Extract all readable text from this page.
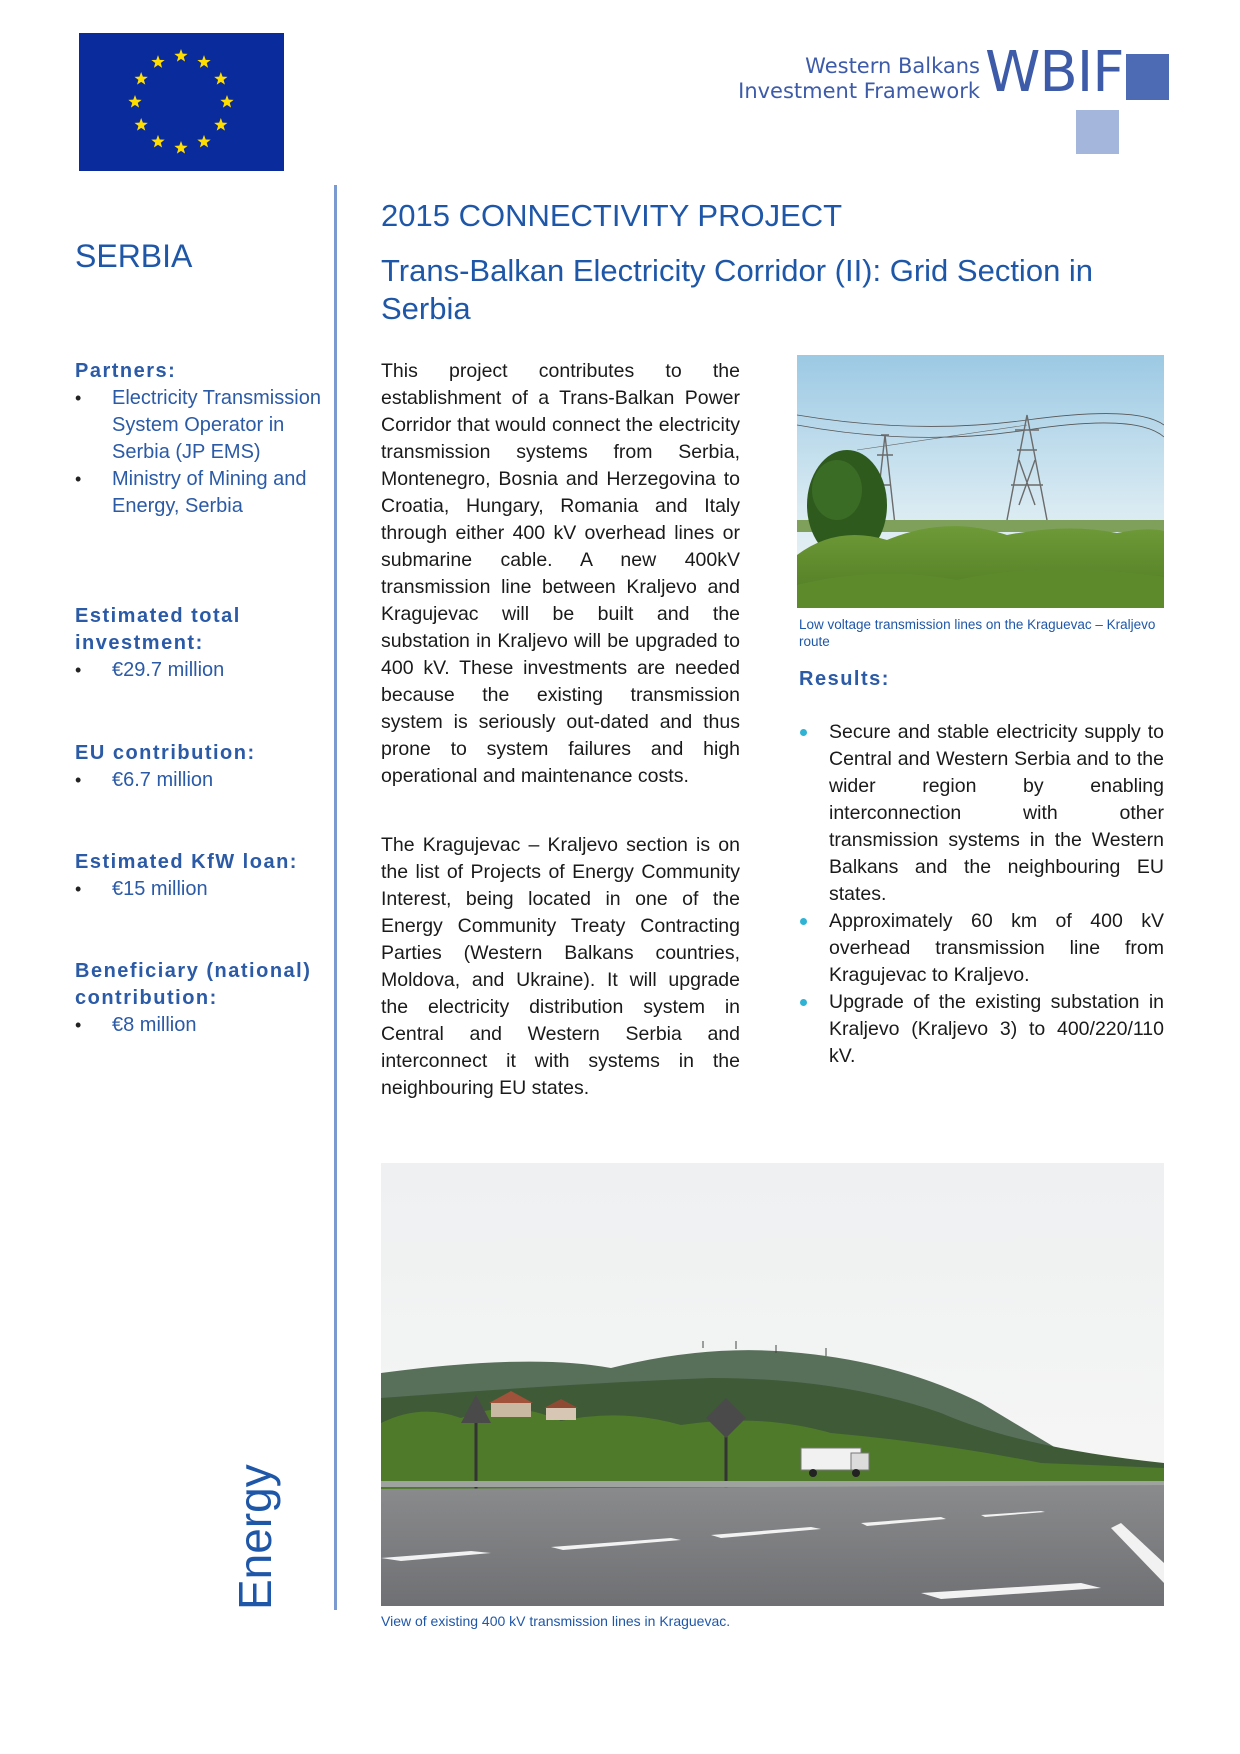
Western Balkans
Investment Framework WBIF
SERBIA
Partners:
• Electricity Transmission System Operator in Serbia (JP EMS)
• Ministry of Mining and Energy, Serbia
Estimated total investment:
• €29.7 million
EU contribution:
• €6.7 million
Estimated KfW loan:
• €15 million
Beneficiary (national) contribution:
• €8 million
Energy
2015 CONNECTIVITY PROJECT
Trans-Balkan Electricity Corridor (II): Grid Section in Serbia

This project contributes to the establishment of a Trans-Balkan Power Corridor that would connect the electricity transmission systems from Serbia, Montenegro, Bosnia and Herzegovina to Croatia, Hungary, Romania and Italy through either 400 kV overhead lines or submarine cable. A new 400kV transmission line between Kraljevo and Kragujevac will be built and the substation in Kraljevo will be upgraded to 400 kV. These investments are needed because the existing transmission system is seriously out-dated and thus prone to system failures and high operational and maintenance costs.

The Kragujevac – Kraljevo section is on the list of Projects of Energy Community Interest, being located in one of the Energy Community Treaty Contracting Parties (Western Balkans countries, Moldova, and Ukraine). It will upgrade the electricity distribution system in Central and Western Serbia and interconnect it with systems in the neighbouring EU states.

Low voltage transmission lines on the Kraguevac – Kraljevo route
Results:
Secure and stable electricity supply to Central and Western Serbia and to the wider region by enabling interconnection with other transmission systems in the Western Balkans and the neighbouring EU states.
Approximately 60 km of 400 kV overhead transmission line from Kragujevac to Kraljevo.
Upgrade of the existing substation in Kraljevo (Kraljevo 3) to 400/220/110 kV.
View of existing 400 kV transmission lines in Kraguevac.
